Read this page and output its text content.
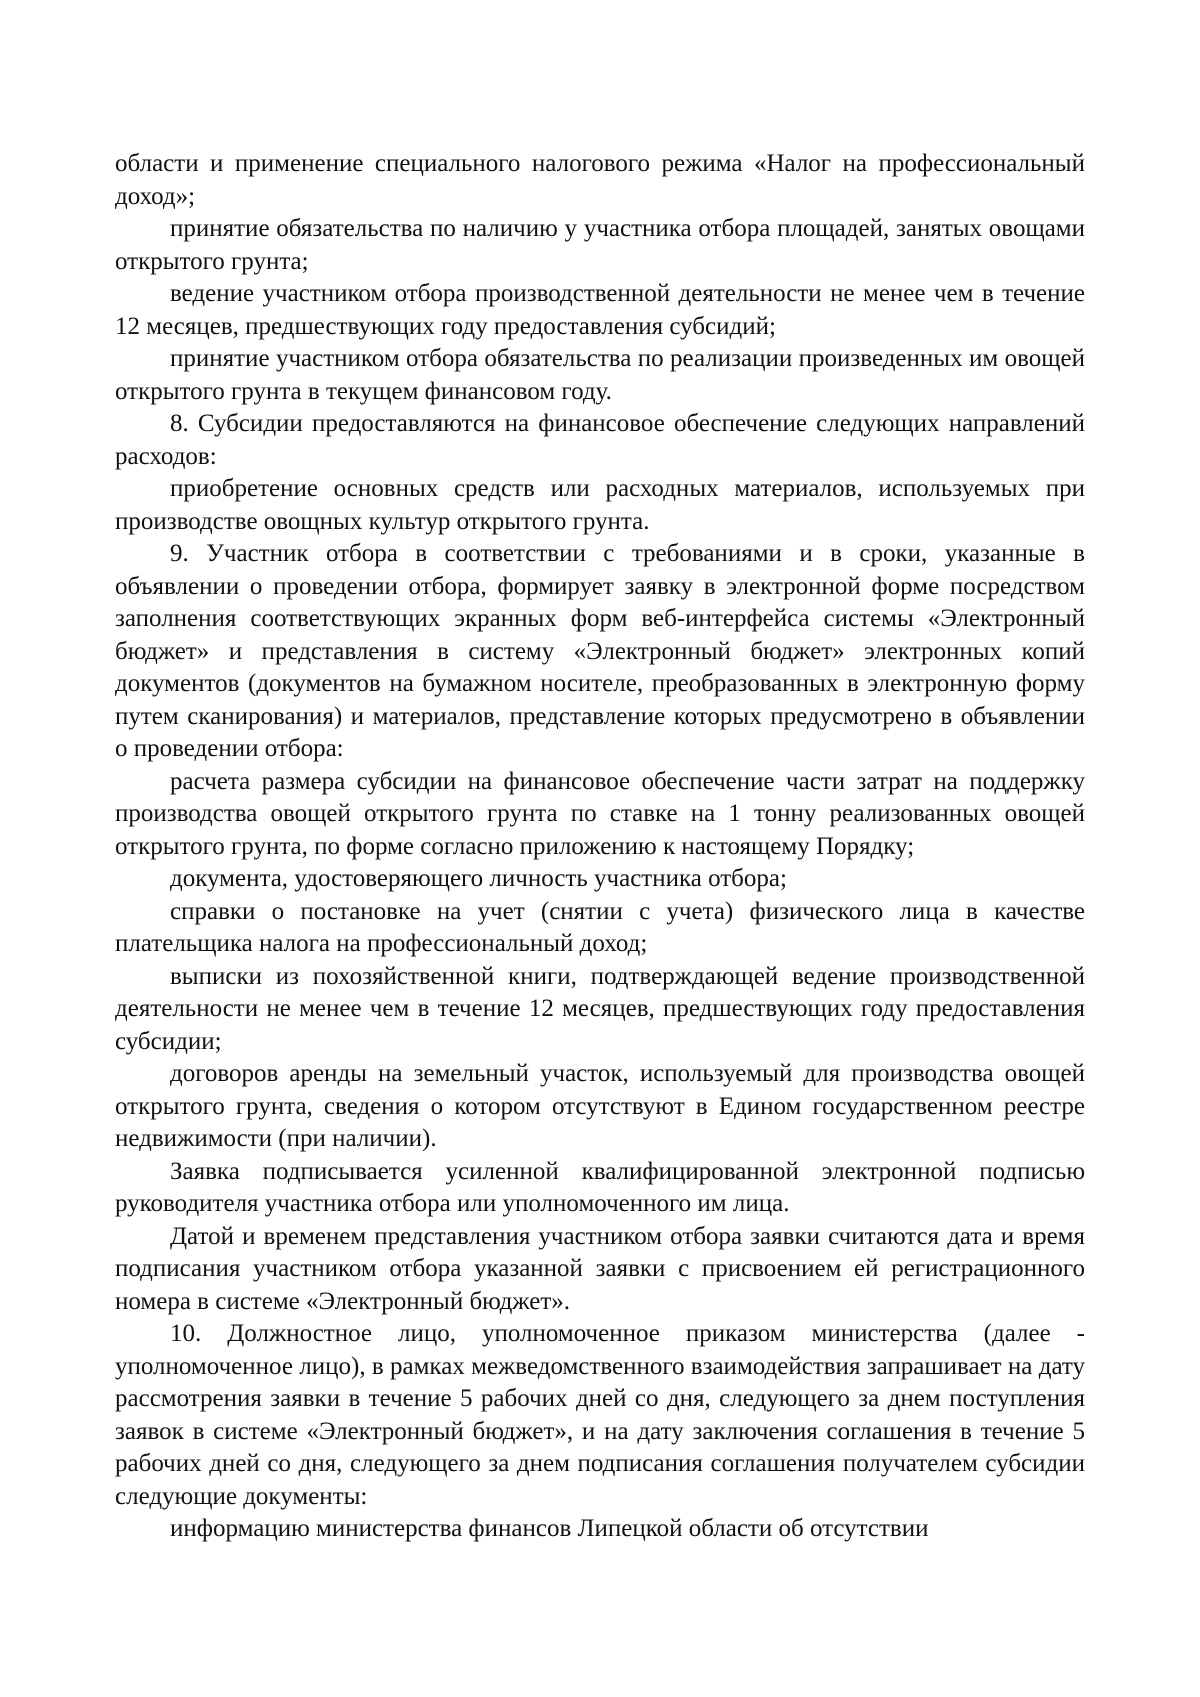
области и применение специального налогового режима «Налог на профессиональный доход»;

принятие обязательства по наличию у участника отбора площадей, занятых овощами открытого грунта;

ведение участником отбора производственной деятельности не менее чем в течение 12 месяцев, предшествующих году предоставления субсидий;

принятие участником отбора обязательства по реализации произведенных им овощей открытого грунта в текущем финансовом году.

8. Субсидии предоставляются на финансовое обеспечение следующих направлений расходов:

приобретение основных средств или расходных материалов, используемых при производстве овощных культур открытого грунта.

9. Участник отбора в соответствии с требованиями и в сроки, указанные в объявлении о проведении отбора, формирует заявку в электронной форме посредством заполнения соответствующих экранных форм веб-интерфейса системы «Электронный бюджет» и представления в систему «Электронный бюджет» электронных копий документов (документов на бумажном носителе, преобразованных в электронную форму путем сканирования) и материалов, представление которых предусмотрено в объявлении о проведении отбора:

расчета размера субсидии на финансовое обеспечение части затрат на поддержку производства овощей открытого грунта по ставке на 1 тонну реализованных овощей открытого грунта, по форме согласно приложению к настоящему Порядку;

документа, удостоверяющего личность участника отбора;

справки о постановке на учет (снятии с учета) физического лица в качестве плательщика налога на профессиональный доход;

выписки из похозяйственной книги, подтверждающей ведение производственной деятельности не менее чем в течение 12 месяцев, предшествующих году предоставления субсидии;

договоров аренды на земельный участок, используемый для производства овощей открытого грунта, сведения о котором отсутствуют в Едином государственном реестре недвижимости (при наличии).

Заявка подписывается усиленной квалифицированной электронной подписью руководителя участника отбора или уполномоченного им лица.

Датой и временем представления участником отбора заявки считаются дата и время подписания участником отбора указанной заявки с присвоением ей регистрационного номера в системе «Электронный бюджет».

10. Должностное лицо, уполномоченное приказом министерства (далее - уполномоченное лицо), в рамках межведомственного взаимодействия запрашивает на дату рассмотрения заявки в течение 5 рабочих дней со дня, следующего за днем поступления заявок в системе «Электронный бюджет», и на дату заключения соглашения в течение 5 рабочих дней со дня, следующего за днем подписания соглашения получателем субсидии следующие документы:

информацию министерства финансов Липецкой области об отсутствии
